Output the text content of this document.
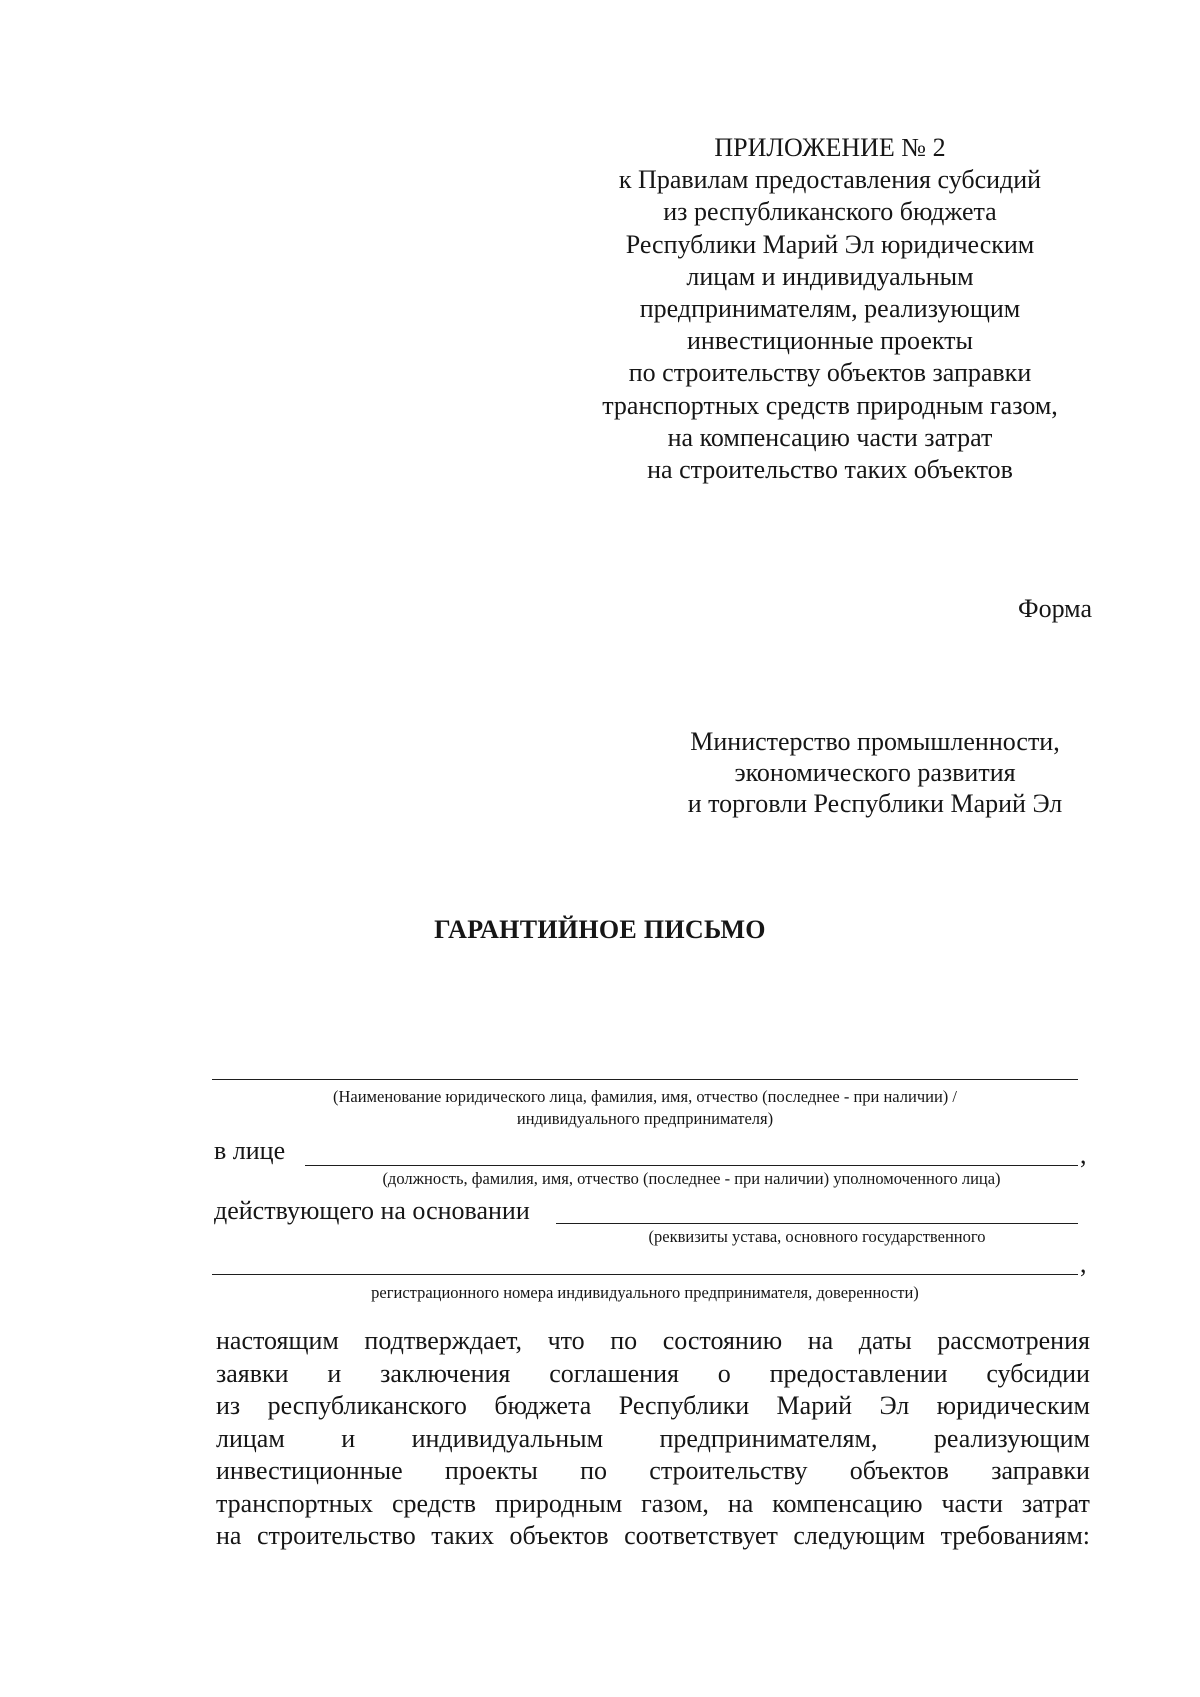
ПРИЛОЖЕНИЕ № 2
к Правилам предоставления субсидий
из республиканского бюджета
Республики Марий Эл юридическим
лицам и индивидуальным
предпринимателям, реализующим
инвестиционные проекты
по строительству объектов заправки
транспортных средств природным газом,
на компенсацию части затрат
на строительство таких объектов
Форма
Министерство промышленности,
экономического развития
и торговли Республики Марий Эл
ГАРАНТИЙНОЕ ПИСЬМО
(Наименование юридического лица, фамилия, имя, отчество (последнее - при наличии) /
индивидуального предпринимателя)
в лице	,
(должность, фамилия, имя, отчество (последнее - при наличии) уполномоченного лица)
действующего на основании
(реквизиты устава, основного государственного
,
регистрационного номера индивидуального предпринимателя, доверенности)
настоящим подтверждает, что по состоянию на даты рассмотрения
заявки и заключения соглашения о предоставлении субсидии
из республиканского бюджета Республики Марий Эл юридическим
лицам и индивидуальным предпринимателям, реализующим
инвестиционные проекты по строительству объектов заправки
транспортных средств природным газом, на компенсацию части затрат
на строительство таких объектов соответствует следующим требованиям:
